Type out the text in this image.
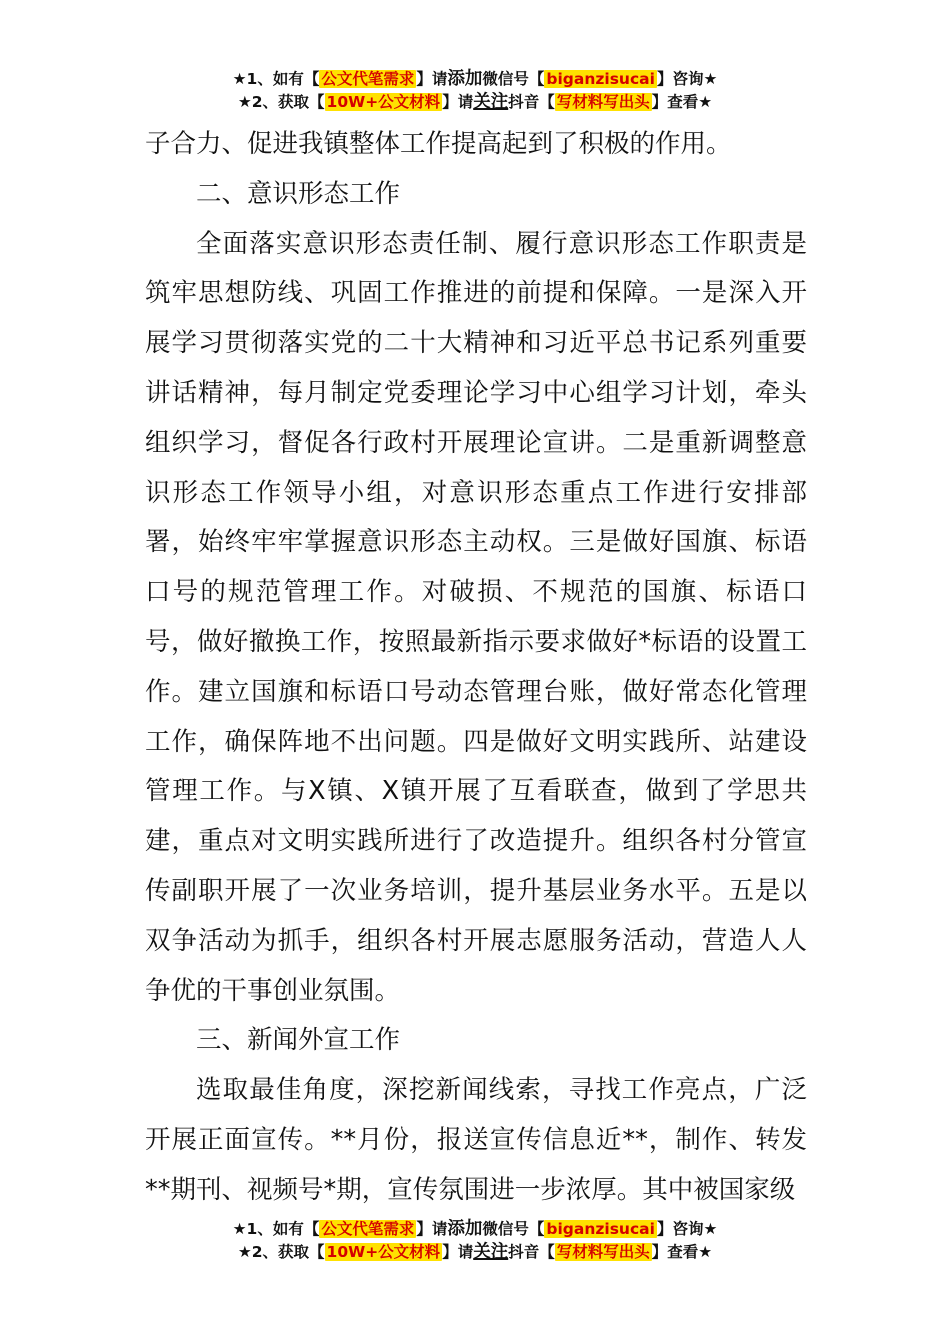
★1、如有【 公文代笔需求 】请添加微信号【 biganzisucai 】咨询★
★2、获取【 10W+公文材料 】请关注抖音【 写材料写出头 】查看★

子合力、促进我镇整体工作提高起到了积极的作用。

二、意识形态工作

全面落实意识形态责任制、履行意识形态工作职责是筑牢思想防线、巩固工作推进的前提和保障。一是深入开展学习贯彻落实党的二十大精神和习近平总书记系列重要讲话精神，每月制定党委理论学习中心组学习计划，牵头组织学习，督促各行政村开展理论宣讲。二是重新调整意识形态工作领导小组，对意识形态重点工作进行安排部署，始终牢牢掌握意识形态主动权。三是做好国旗、标语口号的规范管理工作。对破损、不规范的国旗、标语口号，做好撤换工作，按照最新指示要求做好*标语的设置工作。建立国旗和标语口号动态管理台账，做好常态化管理工作，确保阵地不出问题。四是做好文明实践所、站建设管理工作。与X镇、X镇开展了互看联查，做到了学思共建，重点对文明实践所进行了改造提升。组织各村分管宣传副职开展了一次业务培训，提升基层业务水平。五是以双争活动为抓手，组织各村开展志愿服务活动，营造人人争优的干事创业氛围。

三、新闻外宣工作

选取最佳角度，深挖新闻线索，寻找工作亮点，广泛开展正面宣传。**月份，报送宣传信息近**，制作、转发**期刊、视频号*期，宣传氛围进一步浓厚。其中被国家级

★1、如有【 公文代笔需求 】请添加微信号【 biganzisucai 】咨询★
★2、获取【 10W+公文材料 】请关注抖音【 写材料写出头 】查看★
